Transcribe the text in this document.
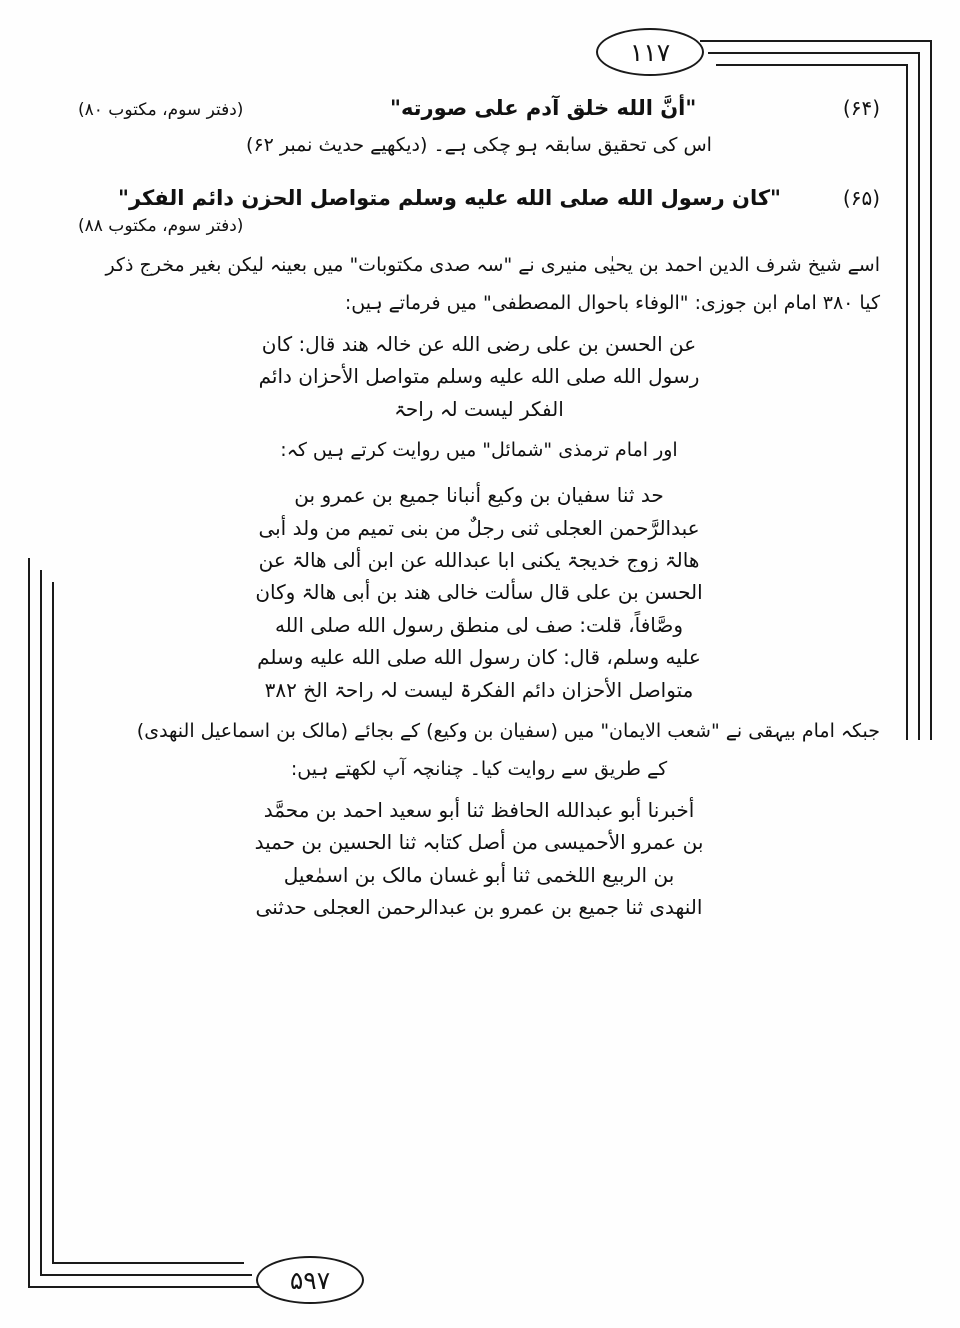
۱۱۷
۵۹۷
(۶۴)
"أنَّ الله خلق آدم على صورته"
(دفتر سوم، مکتوب ۸۰)
اس کی تحقیق سابقہ ہو چکی ہے۔ (دیکھیے حدیث نمبر ۶۲)
(۶۵)
"کان رسول الله صلی الله علیه وسلم متواصل الحزن دائم الفکر"
(دفتر سوم، مکتوب ۸۸)
اسے شیخ شرف الدین احمد بن یحیٰی منیری نے "سہ صدی مکتوبات" میں بعینہ لیکن بغیر مخرج ذکر
کیا ۳۸۰ امام ابن جوزی: "الوفاء باحوال المصطفی" میں فرماتے ہیں:
عن الحسن بن علی رضی الله عن خالہ هند قال: کان
رسول الله صلی الله علیه وسلم متواصل الأحزان دائم
الفکر لیست لہ راحۃ
اور امام ترمذی "شمائل" میں روایت کرتے ہیں کہ:
حد ثنا سفیان بن وکیع أنبانا جمیع بن عمرو بن
عبدالرَّحمن العجلی ثنی رجلٌ من بنی تمیم من ولد أبی
ھالۃ زوج خدیجۃ یکنی ابا عبدالله عن ابن ألی ھالۃ عن
الحسن بن علی قال سألت خالی ھند بن أبی ھالۃ وکان
وصَّافاً، قلت: صف لی منطق رسول الله صلی الله
علیه وسلم، قال: کان رسول الله صلی الله علیه وسلم
متواصل الأحزان دائم الفکرۃ لیست لہ راحۃ الخ ۳۸۲
جبکہ امام بیہقی نے "شعب الایمان" میں (سفیان بن وکیع) کے بجائے (مالک بن اسماعیل النھدی)
کے طریق سے روایت کیا۔ چنانچہ آپ لکھتے ہیں:
أخبرنا أبو عبدالله الحافظ ثنا أبو سعید احمد بن محمَّد
بن عمرو الأحمیسی من أصل کتابہ ثنا الحسین بن حمید
بن الربیع اللخمی ثنا أبو غسان مالک بن اسمٰعیل
النهدی ثنا جمیع بن عمرو بن عبدالرحمن العجلی حدثنی
